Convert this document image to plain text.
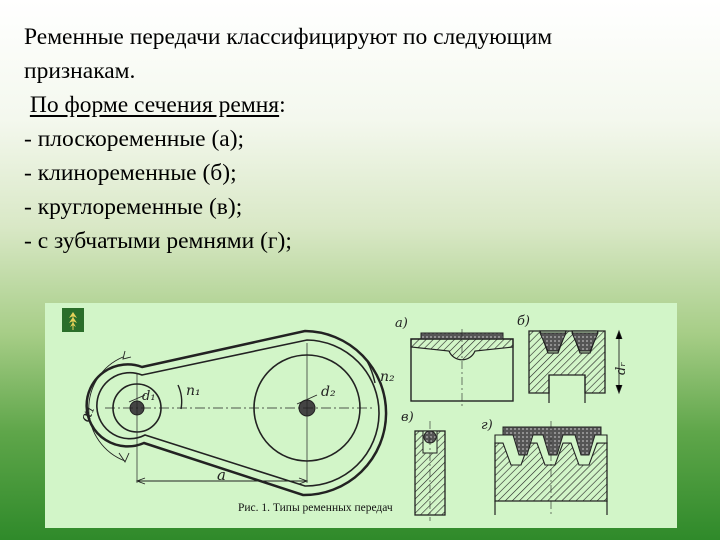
Ременные передачи классифицируют по следующим
признакам.
По форме сечения ремня:
- плоскоременные (а);
- клиноременные (б);
- круглоременные (в);
- с зубчатыми ремнями (г);
α₁
d₁	d₂
n₁
n₂
a
а)	б)
dᵣ
в)
г)
Рис. 1. Типы ременных передач
